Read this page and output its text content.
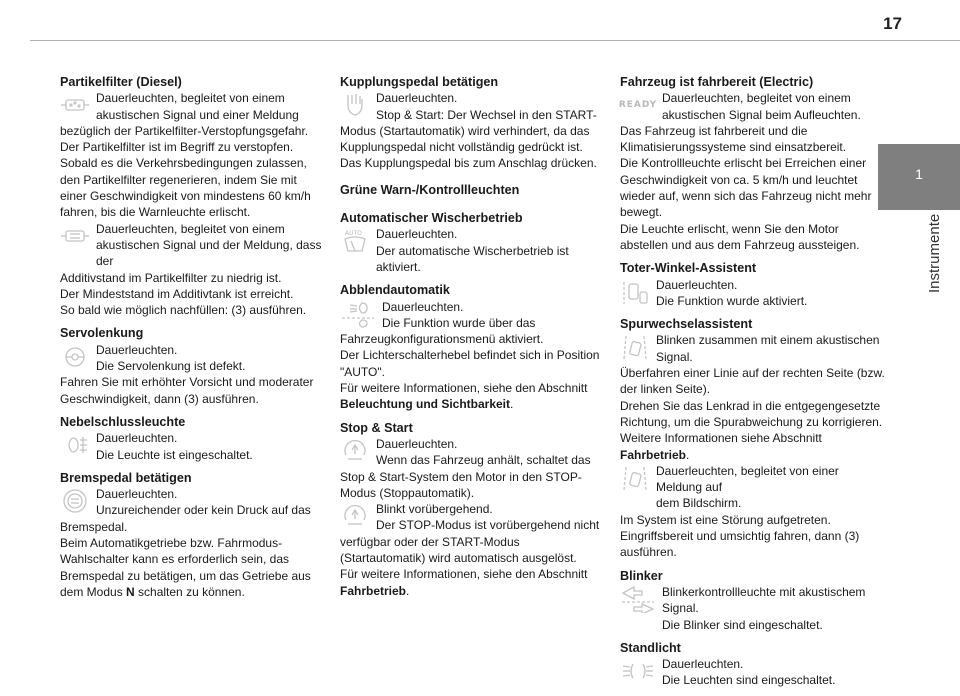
17
1
Instrumente
Partikelfilter (Diesel)
Dauerleuchten, begleitet von einem
akustischen Signal und einer Meldung

bezüglich der Partikelfilter-Verstopfungsgefahr.

Der Partikelfilter ist im Begriff zu verstopfen.

Sobald es die Verkehrsbedingungen zulassen, den Partikelfilter regenerieren, indem Sie mit einer Geschwindigkeit von mindestens 60 km/h fahren, bis die Warnleuchte erlischt.

Dauerleuchten, begleitet von einem
akustischen Signal und der Meldung, dass der

Additivstand im Partikelfilter zu niedrig ist.

Der Mindeststand im Additivtank ist erreicht.

So bald wie möglich nachfüllen: (3) ausführen.

Servolenkung
Dauerleuchten.
Die Servolenkung ist defekt.

Fahren Sie mit erhöhter Vorsicht und moderater Geschwindigkeit, dann (3) ausführen.

Nebelschlussleuchte
Dauerleuchten.
Die Leuchte ist eingeschaltet.
Bremspedal betätigen
Dauerleuchten.
Unzureichender oder kein Druck auf das

Bremspedal.

Beim Automatikgetriebe bzw. Fahrmodus-Wahlschalter kann es erforderlich sein, das Bremspedal zu betätigen, um das Getriebe aus dem Modus N schalten zu können.

Kupplungspedal betätigen
Dauerleuchten.
Stop & Start: Der Wechsel in den START-

Modus (Startautomatik) wird verhindert, da das Kupplungspedal nicht vollständig gedrückt ist.

Das Kupplungspedal bis zum Anschlag drücken.

Grüne Warn-/Kontrollleuchten
Automatischer Wischerbetrieb
AUTO Dauerleuchten.
Der automatische Wischerbetrieb ist aktiviert.
Abblendautomatik
Dauerleuchten.
Die Funktion wurde über das

Fahrzeugkonfigurationsmenü aktiviert.

Der Lichterschalterhebel befindet sich in Position "AUTO".

Für weitere Informationen, siehe den Abschnitt Beleuchtung und Sichtbarkeit.

Stop & Start
Dauerleuchten.
Wenn das Fahrzeug anhält, schaltet das

Stop & Start-System den Motor in den STOP-Modus (Stoppautomatik).

Blinkt vorübergehend.
Der STOP-Modus ist vorübergehend nicht

verfügbar oder der START-Modus (Startautomatik) wird automatisch ausgelöst.

Für weitere Informationen, siehe den Abschnitt Fahrbetrieb.

Fahrzeug ist fahrbereit (Electric)
READY Dauerleuchten, begleitet von einem
akustischen Signal beim Aufleuchten.

Das Fahrzeug ist fahrbereit und die Klimatisierungssysteme sind einsatzbereit.

Die Kontrollleuchte erlischt bei Erreichen einer Geschwindigkeit von ca. 5 km/h und leuchtet wieder auf, wenn sich das Fahrzeug nicht mehr bewegt.

Die Leuchte erlischt, wenn Sie den Motor abstellen und aus dem Fahrzeug aussteigen.

Toter-Winkel-Assistent
Dauerleuchten.
Die Funktion wurde aktiviert.
Spurwechselassistent
Blinken zusammen mit einem akustischen
Signal.

Überfahren einer Linie auf der rechten Seite (bzw. der linken Seite).

Drehen Sie das Lenkrad in die entgegengesetzte Richtung, um die Spurabweichung zu korrigieren.

Weitere Informationen siehe Abschnitt Fahrbetrieb.

Dauerleuchten, begleitet von einer Meldung auf
dem Bildschirm.

Im System ist eine Störung aufgetreten.

Eingriffsbereit und umsichtig fahren, dann (3) ausführen.

Blinker
Blinkerkontrollleuchte mit akustischem Signal.
Die Blinker sind eingeschaltet.
Standlicht
Dauerleuchten.
Die Leuchten sind eingeschaltet.
